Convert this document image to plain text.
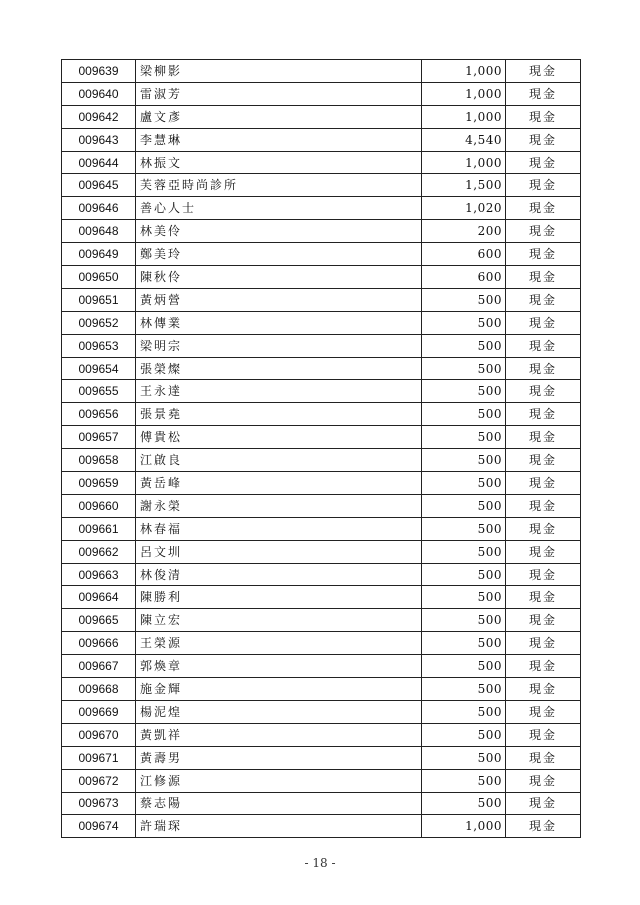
009639	梁柳影	1,000	現金
009640	雷淑芳	1,000	現金
009642	盧文彥	1,000	現金
009643	李慧琳	4,540	現金
009644	林振文	1,000	現金
009645	芙蓉亞時尚診所	1,500	現金
009646	善心人士	1,020	現金
009648	林美伶	200	現金
009649	鄭美玲	600	現金
009650	陳秋伶	600	現金
009651	黃炳營	500	現金
009652	林傳業	500	現金
009653	梁明宗	500	現金
009654	張榮燦	500	現金
009655	王永達	500	現金
009656	張景堯	500	現金
009657	傅貴松	500	現金
009658	江啟良	500	現金
009659	黃岳峰	500	現金
009660	謝永榮	500	現金
009661	林春福	500	現金
009662	呂文圳	500	現金
009663	林俊清	500	現金
009664	陳勝利	500	現金
009665	陳立宏	500	現金
009666	王榮源	500	現金
009667	郭煥章	500	現金
009668	施金輝	500	現金
009669	楊泥煌	500	現金
009670	黃凱祥	500	現金
009671	黃壽男	500	現金
009672	江修源	500	現金
009673	蔡志陽	500	現金
009674	許瑞琛	1,000	現金
- 18 -
